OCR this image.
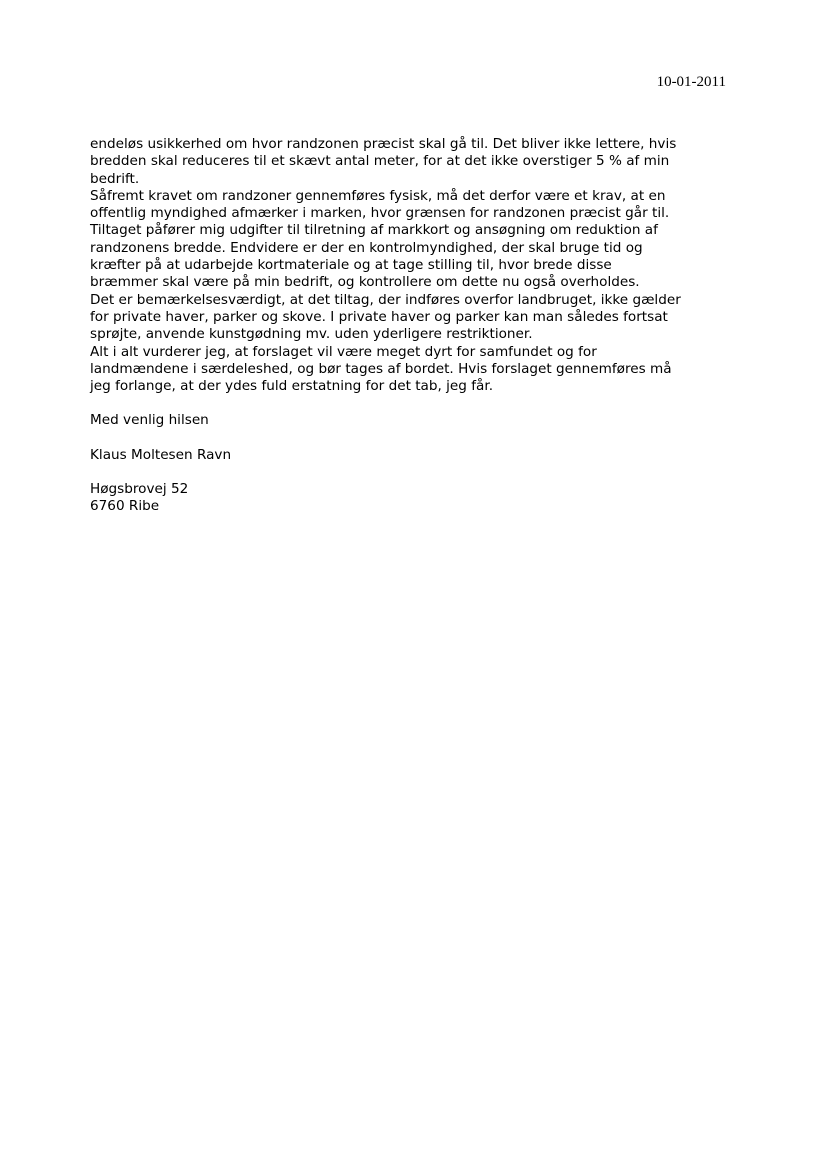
10-01-2011
endeløs usikkerhed om hvor randzonen præcist skal gå til. Det bliver ikke lettere, hvis
bredden skal reduceres til et skævt antal meter, for at det ikke overstiger 5 % af min
bedrift.
Såfremt kravet om randzoner gennemføres fysisk, må det derfor være et krav, at en
offentlig myndighed afmærker i marken, hvor grænsen for randzonen præcist går til.
Tiltaget påfører mig udgifter til tilretning af markkort og ansøgning om reduktion af
randzonens bredde. Endvidere er der en kontrolmyndighed, der skal bruge tid og
kræfter på at udarbejde kortmateriale og at tage stilling til, hvor brede disse
bræmmer skal være på min bedrift, og kontrollere om dette nu også overholdes.
Det er bemærkelsesværdigt, at det tiltag, der indføres overfor landbruget, ikke gælder
for private haver, parker og skove. I private haver og parker kan man således fortsat
sprøjte, anvende kunstgødning mv. uden yderligere restriktioner.
Alt i alt vurderer jeg, at forslaget vil være meget dyrt for samfundet og for
landmændene i særdeleshed, og bør tages af bordet. Hvis forslaget gennemføres må
jeg forlange, at der ydes fuld erstatning for det tab, jeg får.
Med venlig hilsen
Klaus Moltesen Ravn
Høgsbrovej 52
6760 Ribe
